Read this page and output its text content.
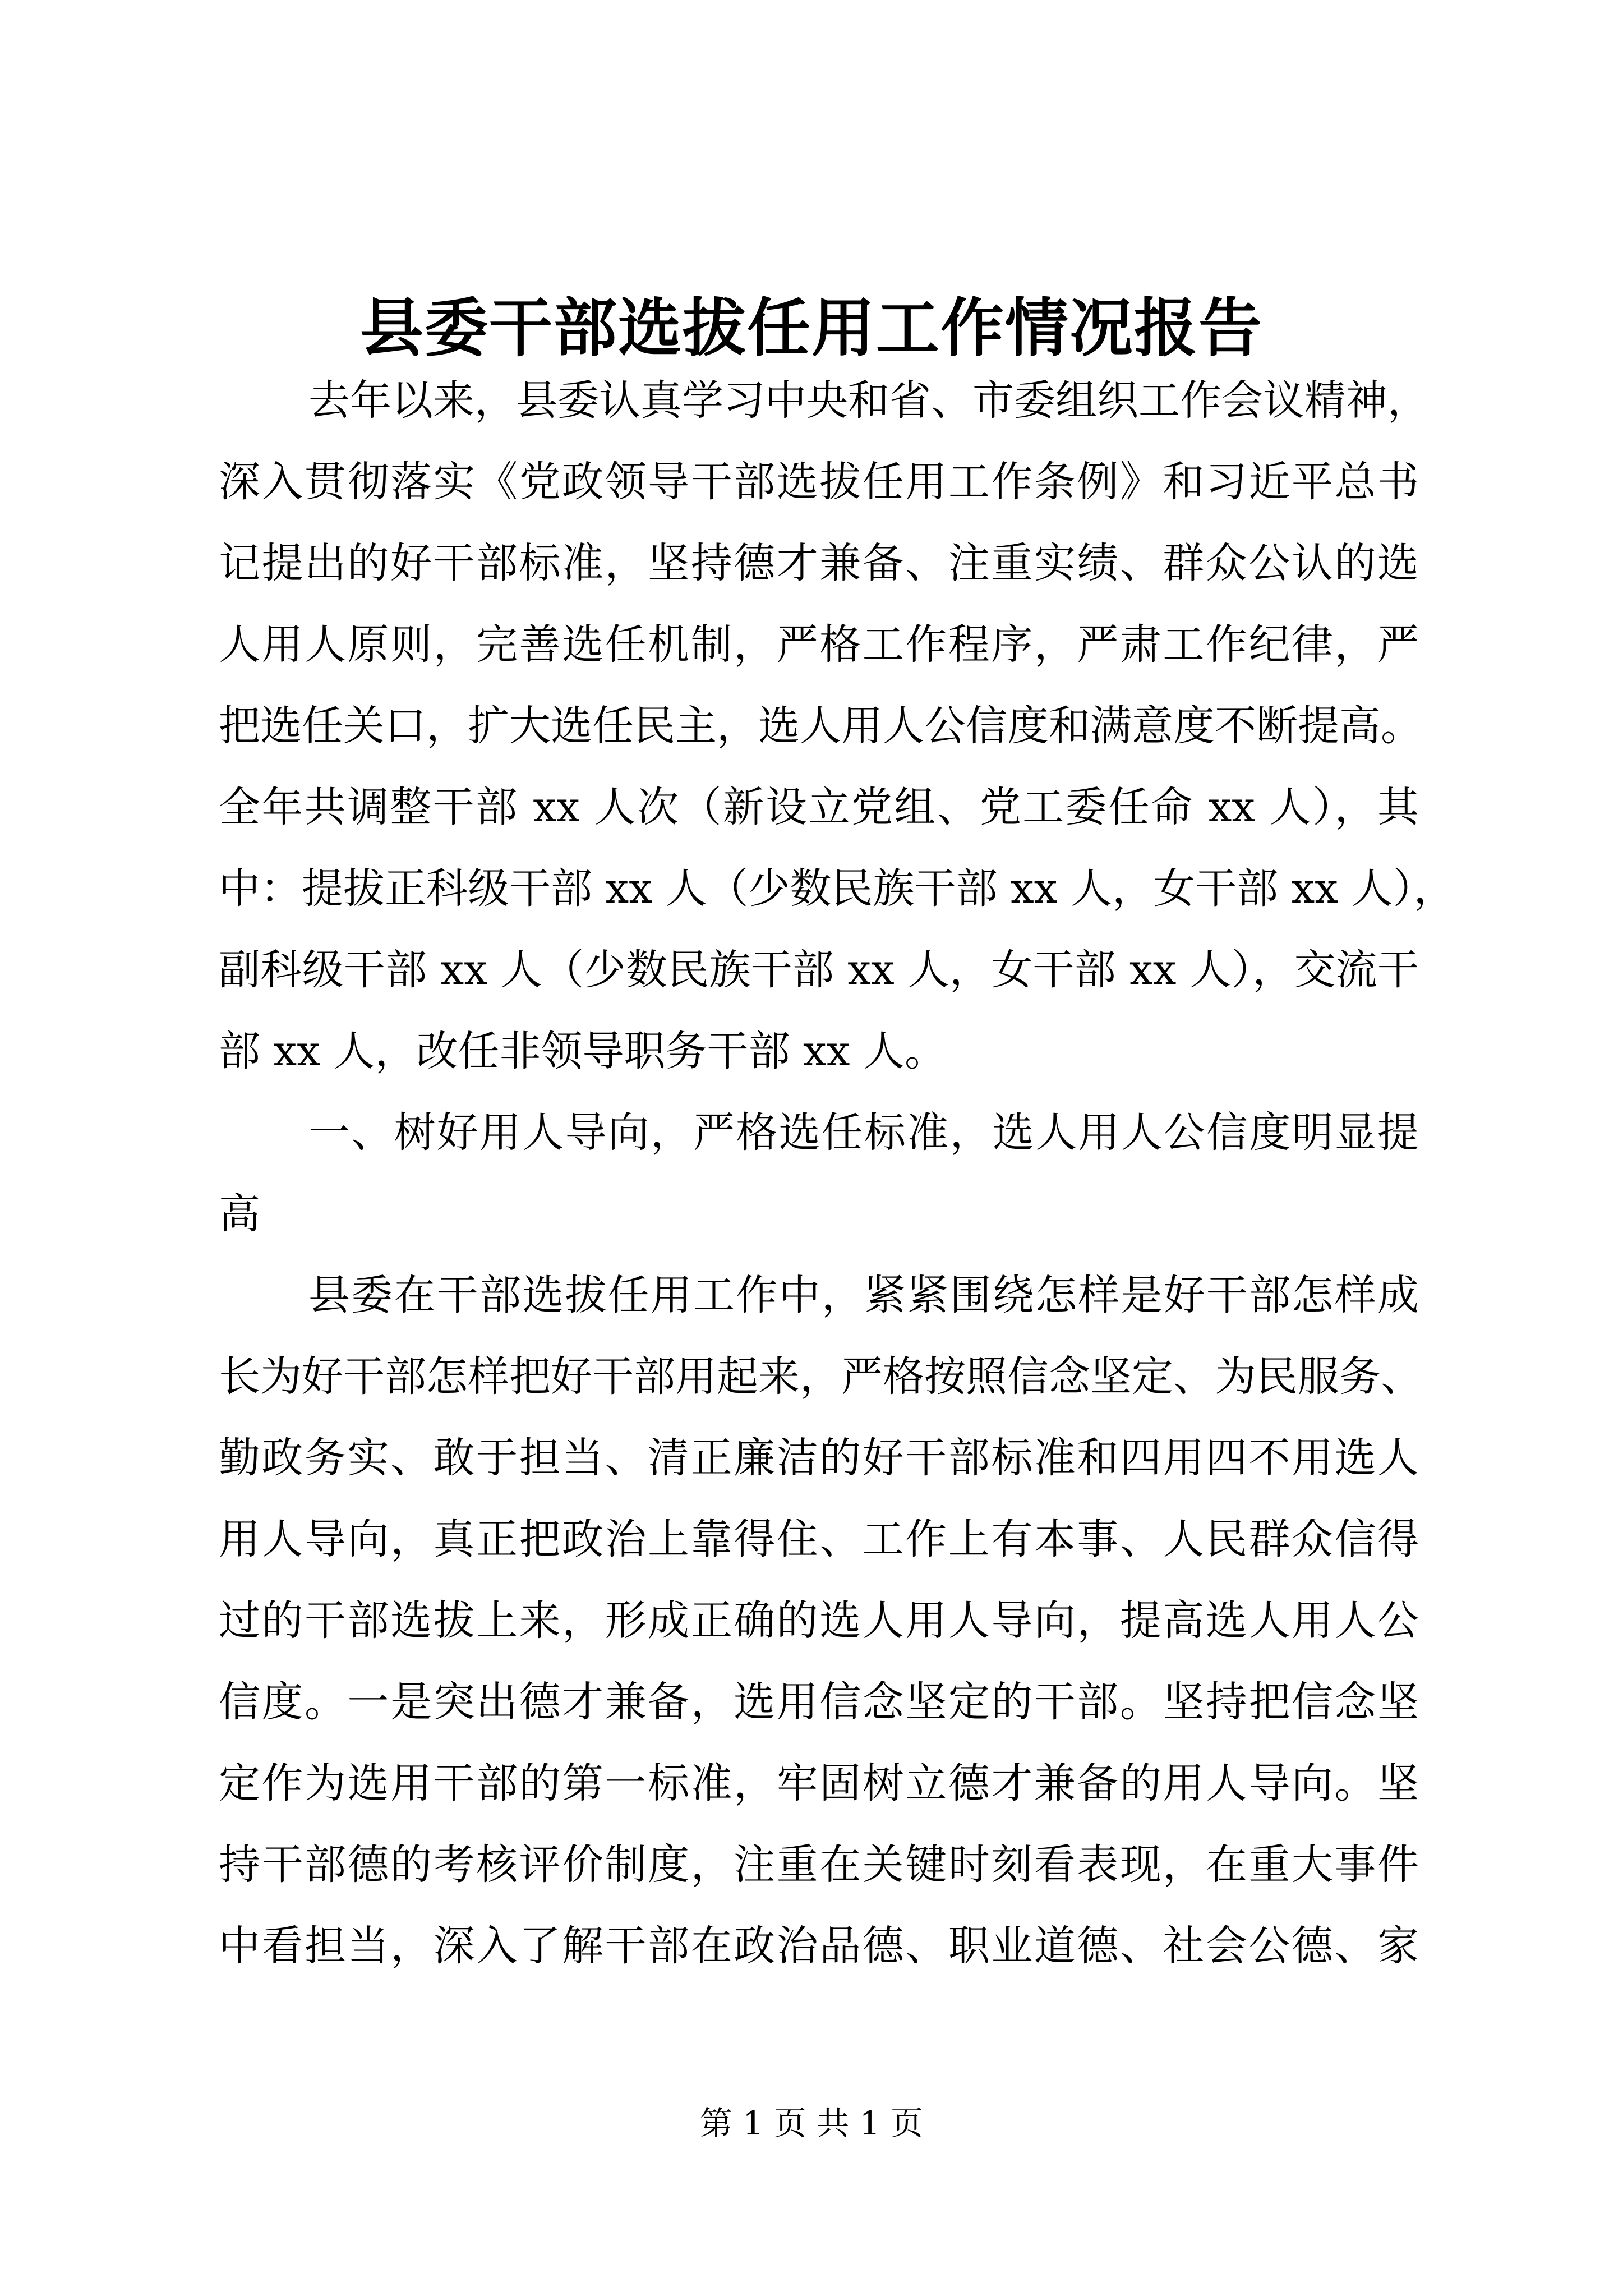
县委干部选拔任用工作情况报告
去年以来，县委认真学习中央和省、市委组织工作会议精神，
深入贯彻落实《党政领导干部选拔任用工作条例》和习近平总书
记提出的好干部标准，坚持德才兼备、注重实绩、群众公认的选
人用人原则，完善选任机制，严格工作程序，严肃工作纪律，严
把选任关口，扩大选任民主，选人用人公信度和满意度不断提高。
全年共调整干部 xx 人次（新设立党组、党工委任命 xx 人），其
中：提拔正科级干部 xx 人（少数民族干部 xx 人，女干部 xx 人），
副科级干部 xx 人（少数民族干部 xx 人，女干部 xx 人），交流干
部 xx 人，改任非领导职务干部 xx 人。
一、树好用人导向，严格选任标准，选人用人公信度明显提
高
县委在干部选拔任用工作中，紧紧围绕怎样是好干部怎样成
长为好干部怎样把好干部用起来，严格按照信念坚定、为民服务、
勤政务实、敢于担当、清正廉洁的好干部标准和四用四不用选人
用人导向，真正把政治上靠得住、工作上有本事、人民群众信得
过的干部选拔上来，形成正确的选人用人导向，提高选人用人公
信度。一是突出德才兼备，选用信念坚定的干部。坚持把信念坚
定作为选用干部的第一标准，牢固树立德才兼备的用人导向。坚
持干部德的考核评价制度，注重在关键时刻看表现，在重大事件
中看担当，深入了解干部在政治品德、职业道德、社会公德、家

第 1 页 共 1 页
